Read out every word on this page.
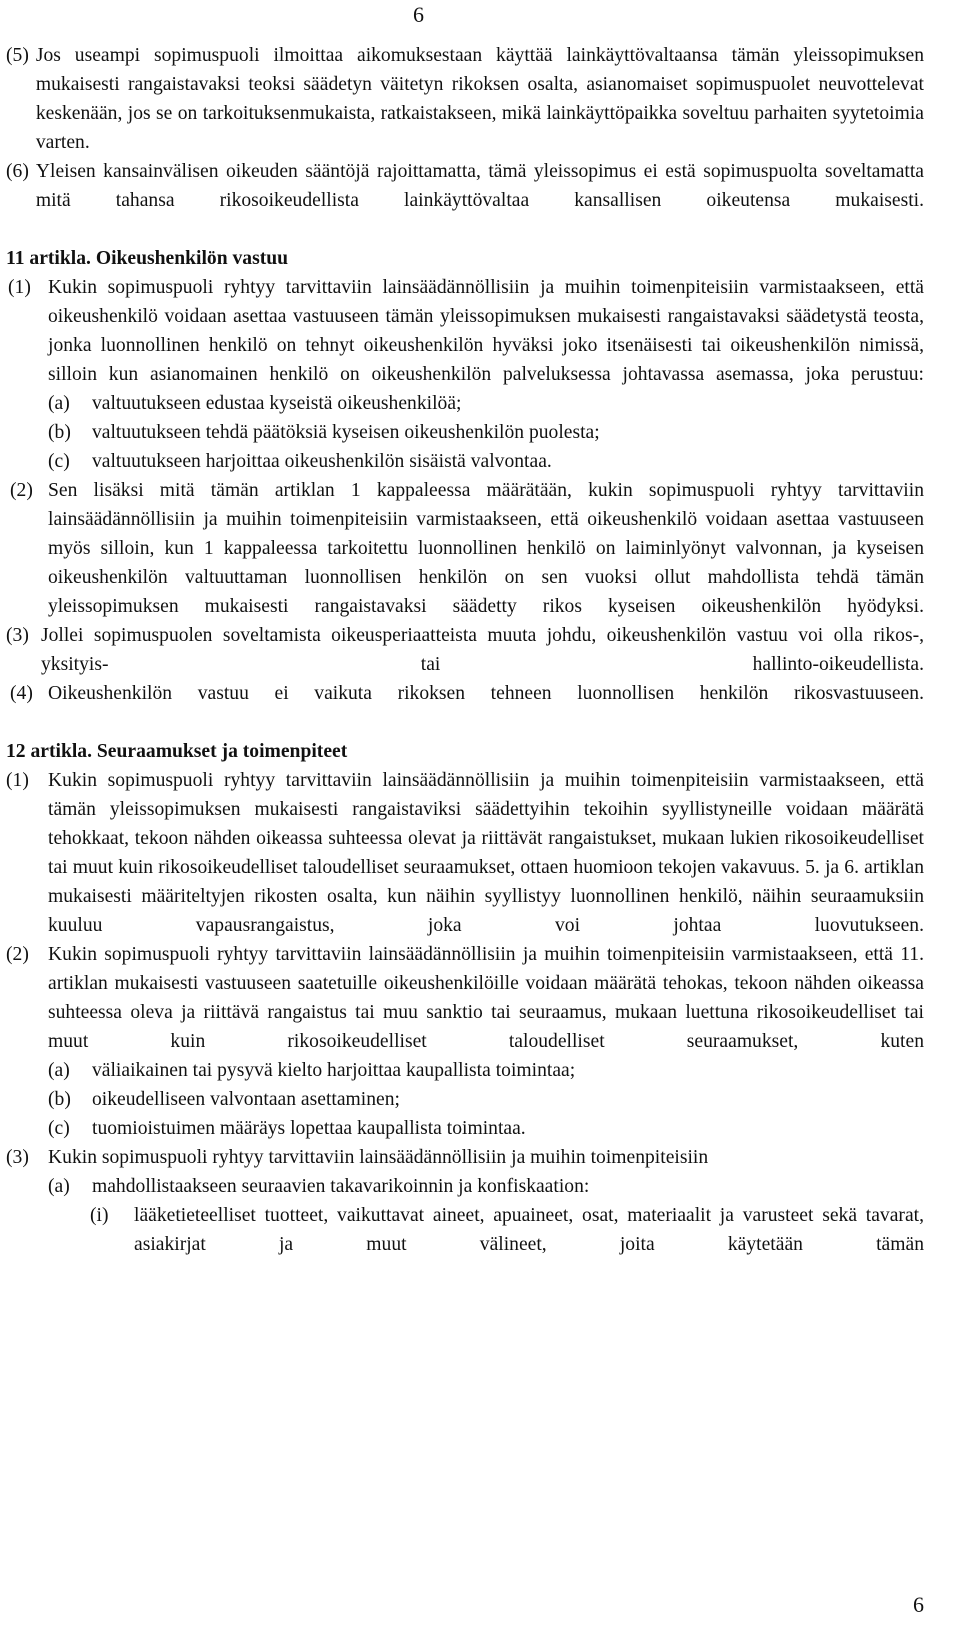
6
(5) Jos useampi sopimuspuoli ilmoittaa aikomuksestaan käyttää lainkäyttövaltaansa tämän yleissopimuksen mukaisesti rangaistavaksi teoksi säädetyn väitetyn rikoksen osalta, asianomaiset sopimuspuolet neuvottelevat keskenään, jos se on tarkoituksenmukaista, ratkaistakseen, mikä lainkäyttöpaikka soveltuu parhaiten syytetoimia varten.

(6) Yleisen kansainvälisen oikeuden sääntöjä rajoittamatta, tämä yleissopimus ei estä sopimuspuolta soveltamatta mitä tahansa rikosoikeudellista lainkäyttövaltaa kansallisen oikeutensa mukaisesti.

11 artikla. Oikeushenkilön vastuu
(1) Kukin sopimuspuoli ryhtyy tarvittaviin lainsäädännöllisiin ja muihin toimenpiteisiin varmistaakseen, että oikeushenkilö voidaan asettaa vastuuseen tämän yleissopimuksen mukaisesti rangaistavaksi säädetystä teosta, jonka luonnollinen henkilö on tehnyt oikeushenkilön hyväksi joko itsenäisesti tai oikeushenkilön nimissä, silloin kun asianomainen henkilö on oikeushenkilön palveluksessa johtavassa asemassa, joka perustuu:

(a)	valtuutukseen edustaa kyseistä oikeushenkilöä;
(b)	valtuutukseen tehdä päätöksiä kyseisen oikeushenkilön puolesta;
(c)	valtuutukseen harjoittaa oikeushenkilön sisäistä valvontaa.
(2) Sen lisäksi mitä tämän artiklan 1 kappaleessa määrätään, kukin sopimuspuoli ryhtyy tarvittaviin lainsäädännöllisiin ja muihin toimenpiteisiin varmistaakseen, että oikeushenkilö voidaan asettaa vastuuseen myös silloin, kun 1 kappaleessa tarkoitettu luonnollinen henkilö on laiminlyönyt valvonnan, ja kyseisen oikeushenkilön valtuuttaman luonnollisen henkilön on sen vuoksi ollut mahdollista tehdä tämän yleissopimuksen mukaisesti rangaistavaksi säädetty rikos kyseisen oikeushenkilön hyödyksi.

(3) Jollei sopimuspuolen soveltamista oikeusperiaatteista muuta johdu, oikeushenkilön vastuu voi olla rikos-, yksityis- tai hallinto-oikeudellista.

(4) Oikeushenkilön vastuu ei vaikuta rikoksen tehneen luonnollisen henkilön rikosvastuuseen.

12 artikla. Seuraamukset ja toimenpiteet
(1) Kukin sopimuspuoli ryhtyy tarvittaviin lainsäädännöllisiin ja muihin toimenpiteisiin varmistaakseen, että tämän yleissopimuksen mukaisesti rangaistaviksi säädettyihin tekoihin syyllistyneille voidaan määrätä tehokkaat, tekoon nähden oikeassa suhteessa olevat ja riittävät rangaistukset, mukaan lukien rikosoikeudelliset tai muut kuin rikosoikeudelliset taloudelliset seuraamukset, ottaen huomioon tekojen vakavuus. 5. ja 6. artiklan mukaisesti määriteltyjen rikosten osalta, kun näihin syyllistyy luonnollinen henkilö, näihin seuraamuksiin kuuluu vapausrangaistus, joka voi johtaa luovutukseen.

(2) Kukin sopimuspuoli ryhtyy tarvittaviin lainsäädännöllisiin ja muihin toimenpiteisiin varmistaakseen, että 11. artiklan mukaisesti vastuuseen saatetuille oikeushenkilöille voidaan määrätä tehokas, tekoon nähden oikeassa suhteessa oleva ja riittävä rangaistus tai muu sanktio tai seuraamus, mukaan luettuna rikosoikeudelliset tai muut kuin rikosoikeudelliset taloudelliset seuraamukset, kuten

(a)	väliaikainen tai pysyvä kielto harjoittaa kaupallista toimintaa;
(b)	oikeudelliseen valvontaan asettaminen;
(c)	tuomioistuimen määräys lopettaa kaupallista toimintaa.
(3) Kukin sopimuspuoli ryhtyy tarvittaviin lainsäädännöllisiin ja muihin toimenpiteisiin

(a)	mahdollistaakseen seuraavien takavarikoinnin ja konfiskaation:
(i)	lääketieteelliset tuotteet, vaikuttavat aineet, apuaineet, osat, materiaalit ja varusteet sekä tavarat, asiakirjat ja muut välineet, joita käytetään tämän
6
